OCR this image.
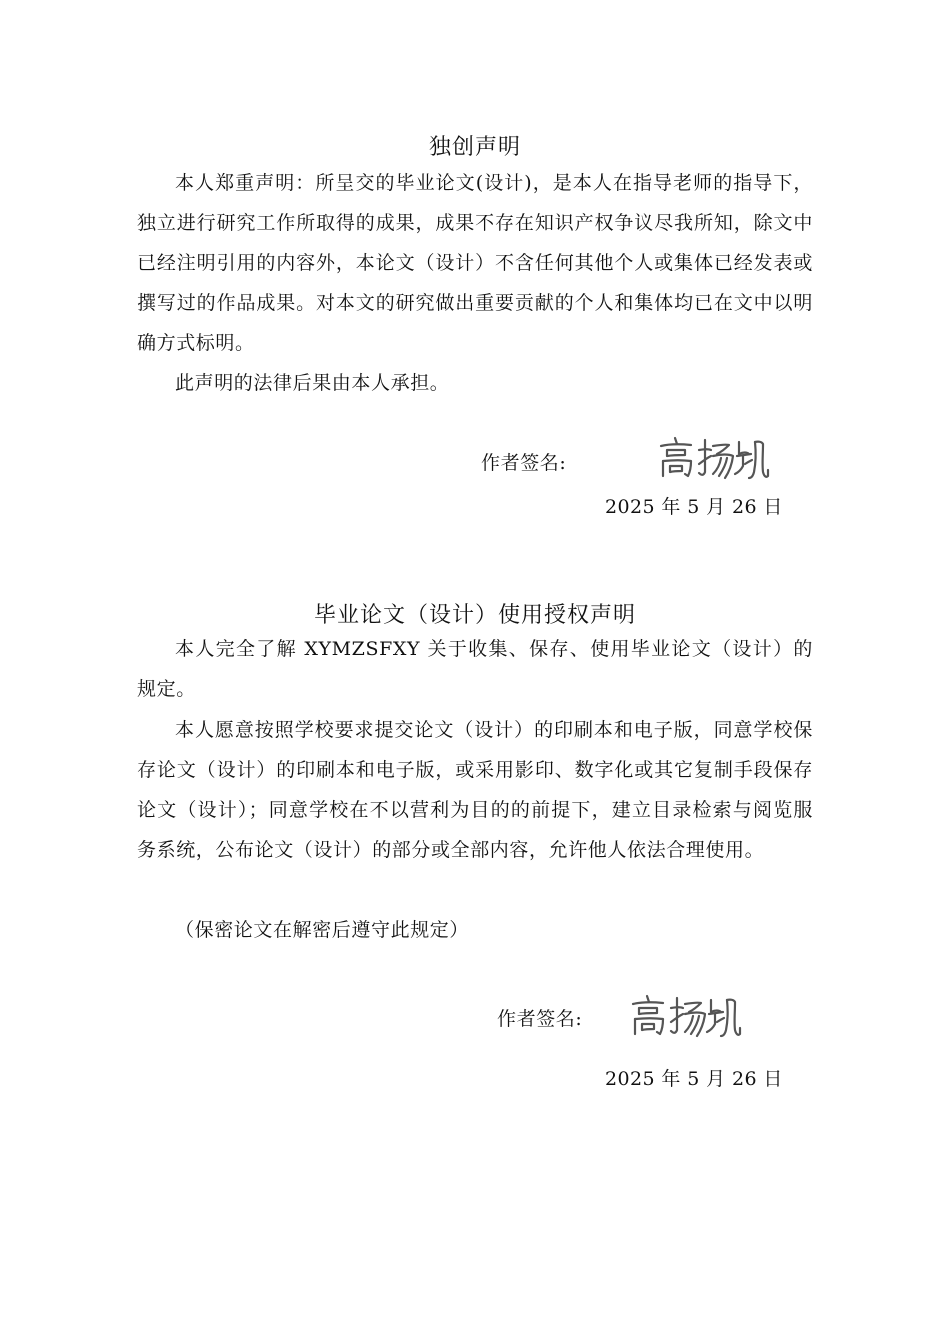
独创声明

本人郑重声明：所呈交的毕业论文(设计)，是本人在指导老师的指导下，独立进行研究工作所取得的成果，成果不存在知识产权争议尽我所知，除文中已经注明引用的内容外，本论文（设计）不含任何其他个人或集体已经发表或撰写过的作品成果。对本文的研究做出重要贡献的个人和集体均已在文中以明确方式标明。

此声明的法律后果由本人承担。

作者签名:
2025 年 5 月 26 日
毕业论文（设计）使用授权声明

本人完全了解 XYMZSFXY 关于收集、保存、使用毕业论文（设计）的规定。

本人愿意按照学校要求提交论文（设计）的印刷本和电子版，同意学校保存论文（设计）的印刷本和电子版，或采用影印、数字化或其它复制手段保存论文（设计）；同意学校在不以营利为目的的前提下，建立目录检索与阅览服务系统，公布论文（设计）的部分或全部内容，允许他人依法合理使用。

（保密论文在解密后遵守此规定）

作者签名:
2025 年 5 月 26 日
